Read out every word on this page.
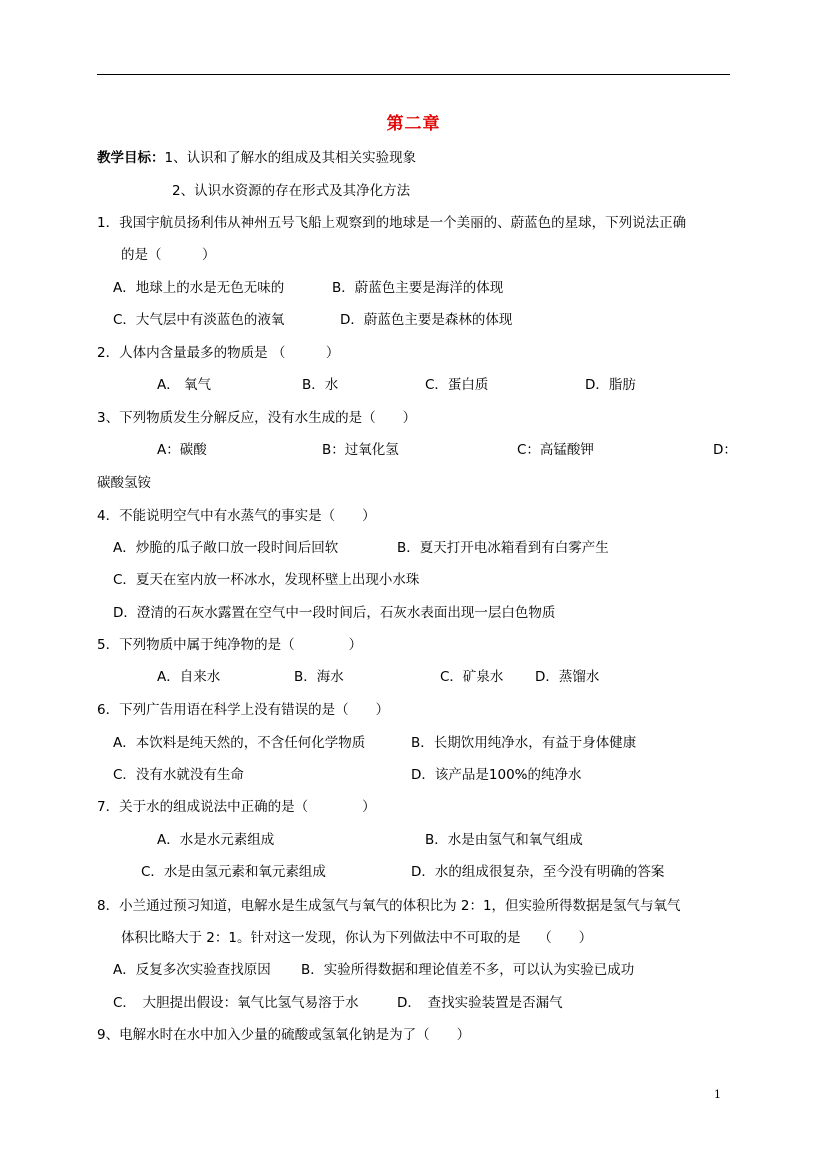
第二章
教学目标：1、认识和了解水的组成及其相关实验现象
2、认识水资源的存在形式及其净化方法
1．我国宇航员扬利伟从神州五号飞船上观察到的地球是一个美丽的、蔚蓝色的星球，下列说法正确
的是（　　　）
A．地球上的水是无色无味的	B．蔚蓝色主要是海洋的体现
C．大气层中有淡蓝色的液氧	D．蔚蓝色主要是森林的体现
2．人体内含量最多的物质是 （　　　）
A． 氧气	B．水	C．蛋白质	D．脂肪
3、下列物质发生分解反应，没有水生成的是（　　）
A：碳酸	B：过氧化氢	C：高锰酸钾	D：
碳酸氢铵
4．不能说明空气中有水蒸气的事实是（　　）
A．炒脆的瓜子敞口放一段时间后回软	B．夏天打开电冰箱看到有白雾产生
C．夏天在室内放一杯冰水，发现杯壁上出现小水珠
D．澄清的石灰水露置在空气中一段时间后，石灰水表面出现一层白色物质
5．下列物质中属于纯净物的是（　　　　）
A．自来水	B．海水	C．矿泉水 D．蒸馏水
6．下列广告用语在科学上没有错误的是（　　）
A．本饮料是纯天然的，不含任何化学物质	B．长期饮用纯净水，有益于身体健康
C．没有水就没有生命	D．该产品是100%的纯净水
7．关于水的组成说法中正确的是（　　　　）
A．水是水元素组成	B．水是由氢气和氧气组成
C．水是由氢元素和氧元素组成	D．水的组成很复杂，至今没有明确的答案
8．小兰通过预习知道，电解水是生成氢气与氧气的体积比为 2：1，但实验所得数据是氢气与氧气
体积比略大于 2：1。针对这一发现，你认为下列做法中不可取的是　 （　　）
A．反复多次实验查找原因 B．实验所得数据和理论值差不多，可以认为实验已成功
C．　大胆提出假设：氧气比氢气易溶于水	D．　查找实验装置是否漏气
9、电解水时在水中加入少量的硫酸或氢氧化钠是为了（　　）
1
